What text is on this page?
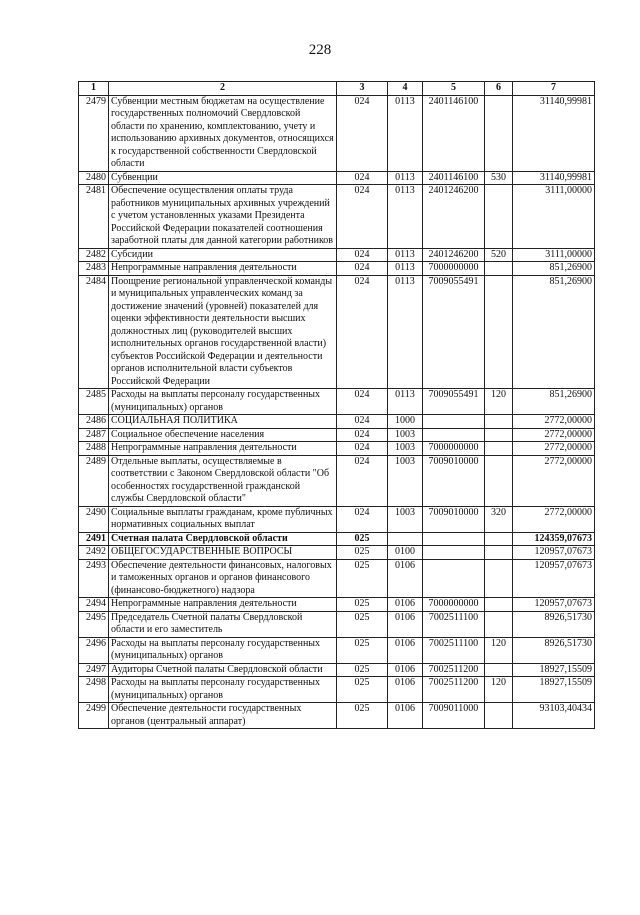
228
1	2	3	4	5	6	7
2479	Субвенции местным бюджетам на осуществление государственных полномочий Свердловской области по хранению, комплектованию, учету и использованию архивных документов, относящихся к государственной собственности Свердловской области	024	0113	2401146100		31140,99981
2480	Субвенции	024	0113	2401146100	530	31140,99981
2481	Обеспечение осуществления оплаты труда работников муниципальных архивных учреждений с учетом установленных указами Президента Российской Федерации показателей соотношения заработной платы для данной категории работников	024	0113	2401246200		3111,00000
2482	Субсидии	024	0113	2401246200	520	3111,00000
2483	Непрограммные направления деятельности	024	0113	7000000000		851,26900
2484	Поощрение региональной управленческой команды и муниципальных управленческих команд за достижение значений (уровней) показателей для оценки эффективности деятельности высших должностных лиц (руководителей высших исполнительных органов государственной власти) субъектов Российской Федерации и деятельности органов исполнительной власти субъектов Российской Федерации	024	0113	7009055491		851,26900
2485	Расходы на выплаты персоналу государственных (муниципальных) органов	024	0113	7009055491	120	851,26900
2486	СОЦИАЛЬНАЯ ПОЛИТИКА	024	1000			2772,00000
2487	Социальное обеспечение населения	024	1003			2772,00000
2488	Непрограммные направления деятельности	024	1003	7000000000		2772,00000
2489	Отдельные выплаты, осуществляемые в соответствии с Законом Свердловской области "Об особенностях государственной гражданской службы Свердловской области"	024	1003	7009010000		2772,00000
2490	Социальные выплаты гражданам, кроме публичных нормативных социальных выплат	024	1003	7009010000	320	2772,00000
2491	Счетная палата Свердловской области	025				124359,07673
2492	ОБЩЕГОСУДАРСТВЕННЫЕ ВОПРОСЫ	025	0100			120957,07673
2493	Обеспечение деятельности финансовых, налоговых и таможенных органов и органов финансового (финансово-бюджетного) надзора	025	0106			120957,07673
2494	Непрограммные направления деятельности	025	0106	7000000000		120957,07673
2495	Председатель Счетной палаты Свердловской области и его заместитель	025	0106	7002511100		8926,51730
2496	Расходы на выплаты персоналу государственных (муниципальных) органов	025	0106	7002511100	120	8926,51730
2497	Аудиторы Счетной палаты Свердловской области	025	0106	7002511200		18927,15509
2498	Расходы на выплаты персоналу государственных (муниципальных) органов	025	0106	7002511200	120	18927,15509
2499	Обеспечение деятельности государственных органов (центральный аппарат)	025	0106	7009011000		93103,40434
